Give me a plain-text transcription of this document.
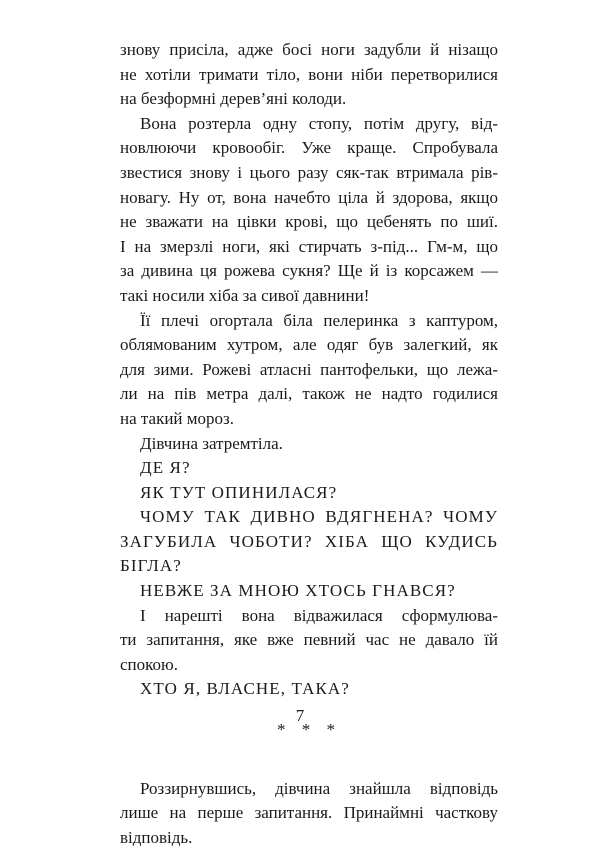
знову присіла, адже босі ноги задубли й нізащо
не хотіли тримати тіло, вони ніби перетворилися
на безформні дерев’яні колоди.
Вона розтерла одну стопу, потім другу, від-
новлюючи кровообіг. Уже краще. Спробувала
звестися знову і цього разу сяк-так втримала рів-
новагу. Ну от, вона начебто ціла й здорова, якщо
не зважати на цівки крові, що цебенять по шиї.
І на змерзлі ноги, які стирчать з-під... Гм-м, що
за дивина ця рожева сукня? Ще й із корсажем —
такі носили хіба за сивої давнини!
Її плечі огортала біла пелеринка з каптуром,
облямованим хутром, але одяг був залегкий, як
для зими. Рожеві атласні пантофельки, що лежа-
ли на пів метра далі, також не надто годилися
на такий мороз.
Дівчина затремтіла.
ДЕ Я?
ЯК ТУТ ОПИНИЛАСЯ?
ЧОМУ ТАК ДИВНО ВДЯГНЕНА? ЧОМУ
ЗАГУБИЛА ЧОБОТИ? ХІБА ЩО КУДИСЬ
БІГЛА?
НЕВЖЕ ЗА МНОЮ ХТОСЬ ГНАВСЯ?
І нарешті вона відважилася сформулюва-
ти запитання, яке вже певний час не давало їй
спокою.
ХТО Я, ВЛАСНЕ, ТАКА?
* * *
Роззирнувшись, дівчина знайшла відповідь
лише на перше запитання. Принаймні часткову
відповідь.
7
